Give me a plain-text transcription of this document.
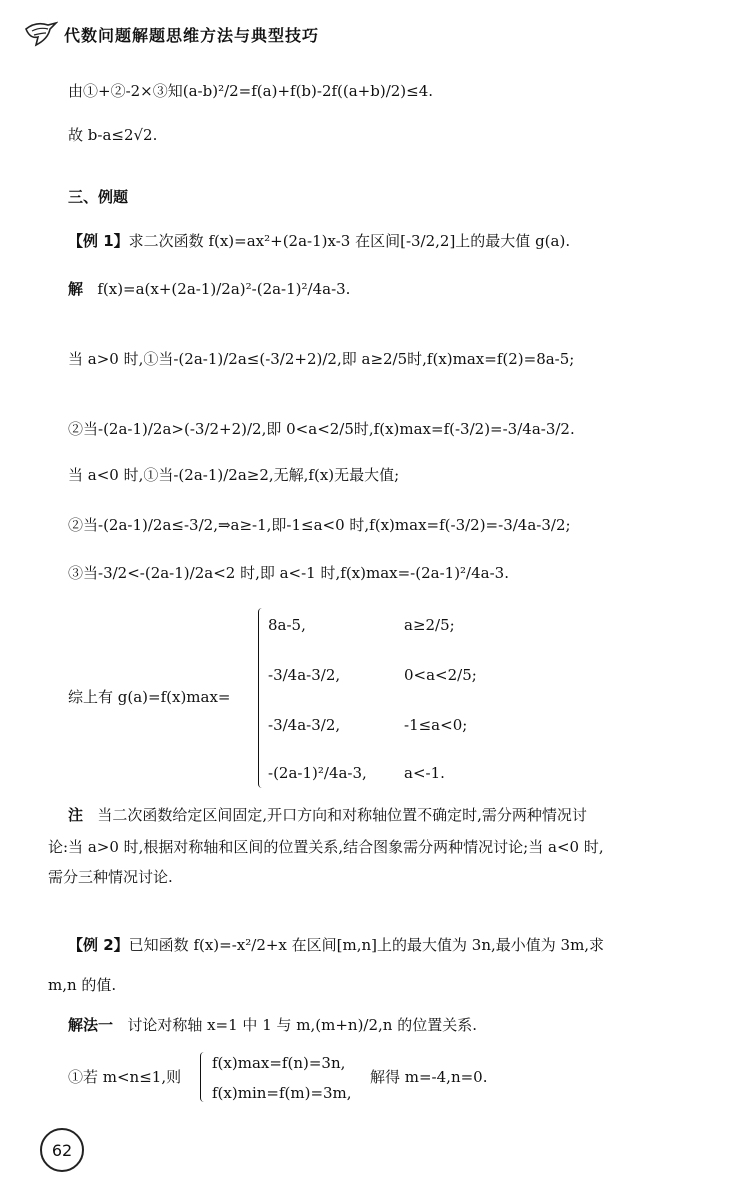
代数问题解题思维方法与典型技巧
由①+②-2×③知(a-b)²/2=f(a)+f(b)-2f((a+b)/2)≤4.
故 b-a≤2√2.
三、例题
【例 1】求二次函数 f(x)=ax²+(2a-1)x-3 在区间[-3/2,2]上的最大值 g(a).
解 f(x)=a(x+(2a-1)/2a)²-(2a-1)²/4a-3.
当 a>0 时,①当-(2a-1)/2a≤(-3/2+2)/2,即 a≥2/5时,f(x)max=f(2)=8a-5;
②当-(2a-1)/2a>(-3/2+2)/2,即 0<a<2/5时,f(x)max=f(-3/2)=-3/4a-3/2.
当 a<0 时,①当-(2a-1)/2a≥2,无解,f(x)无最大值;
②当-(2a-1)/2a≤-3/2,⇒a≥-1,即-1≤a<0 时,f(x)max=f(-3/2)=-3/4a-3/2;
③当-3/2<-(2a-1)/2a<2 时,即 a<-1 时,f(x)max=-(2a-1)²/4a-3.
综上有 g(a)=f(x)max=
8a-5,	a≥2/5;
-3/4a-3/2,	0<a<2/5;
-3/4a-3/2,	-1≤a<0;
-(2a-1)²/4a-3, a<-1.
注 当二次函数给定区间固定,开口方向和对称轴位置不确定时,需分两种情况讨
论:当 a>0 时,根据对称轴和区间的位置关系,结合图象需分两种情况讨论;当 a<0 时,
需分三种情况讨论.
【例 2】已知函数 f(x)=-x²/2+x 在区间[m,n]上的最大值为 3n,最小值为 3m,求
m,n 的值.
解法一 讨论对称轴 x=1 中 1 与 m,(m+n)/2,n 的位置关系.
①若 m<n≤1,则
f(x)max=f(n)=3n,
f(x)min=f(m)=3m,
解得 m=-4,n=0.
62
